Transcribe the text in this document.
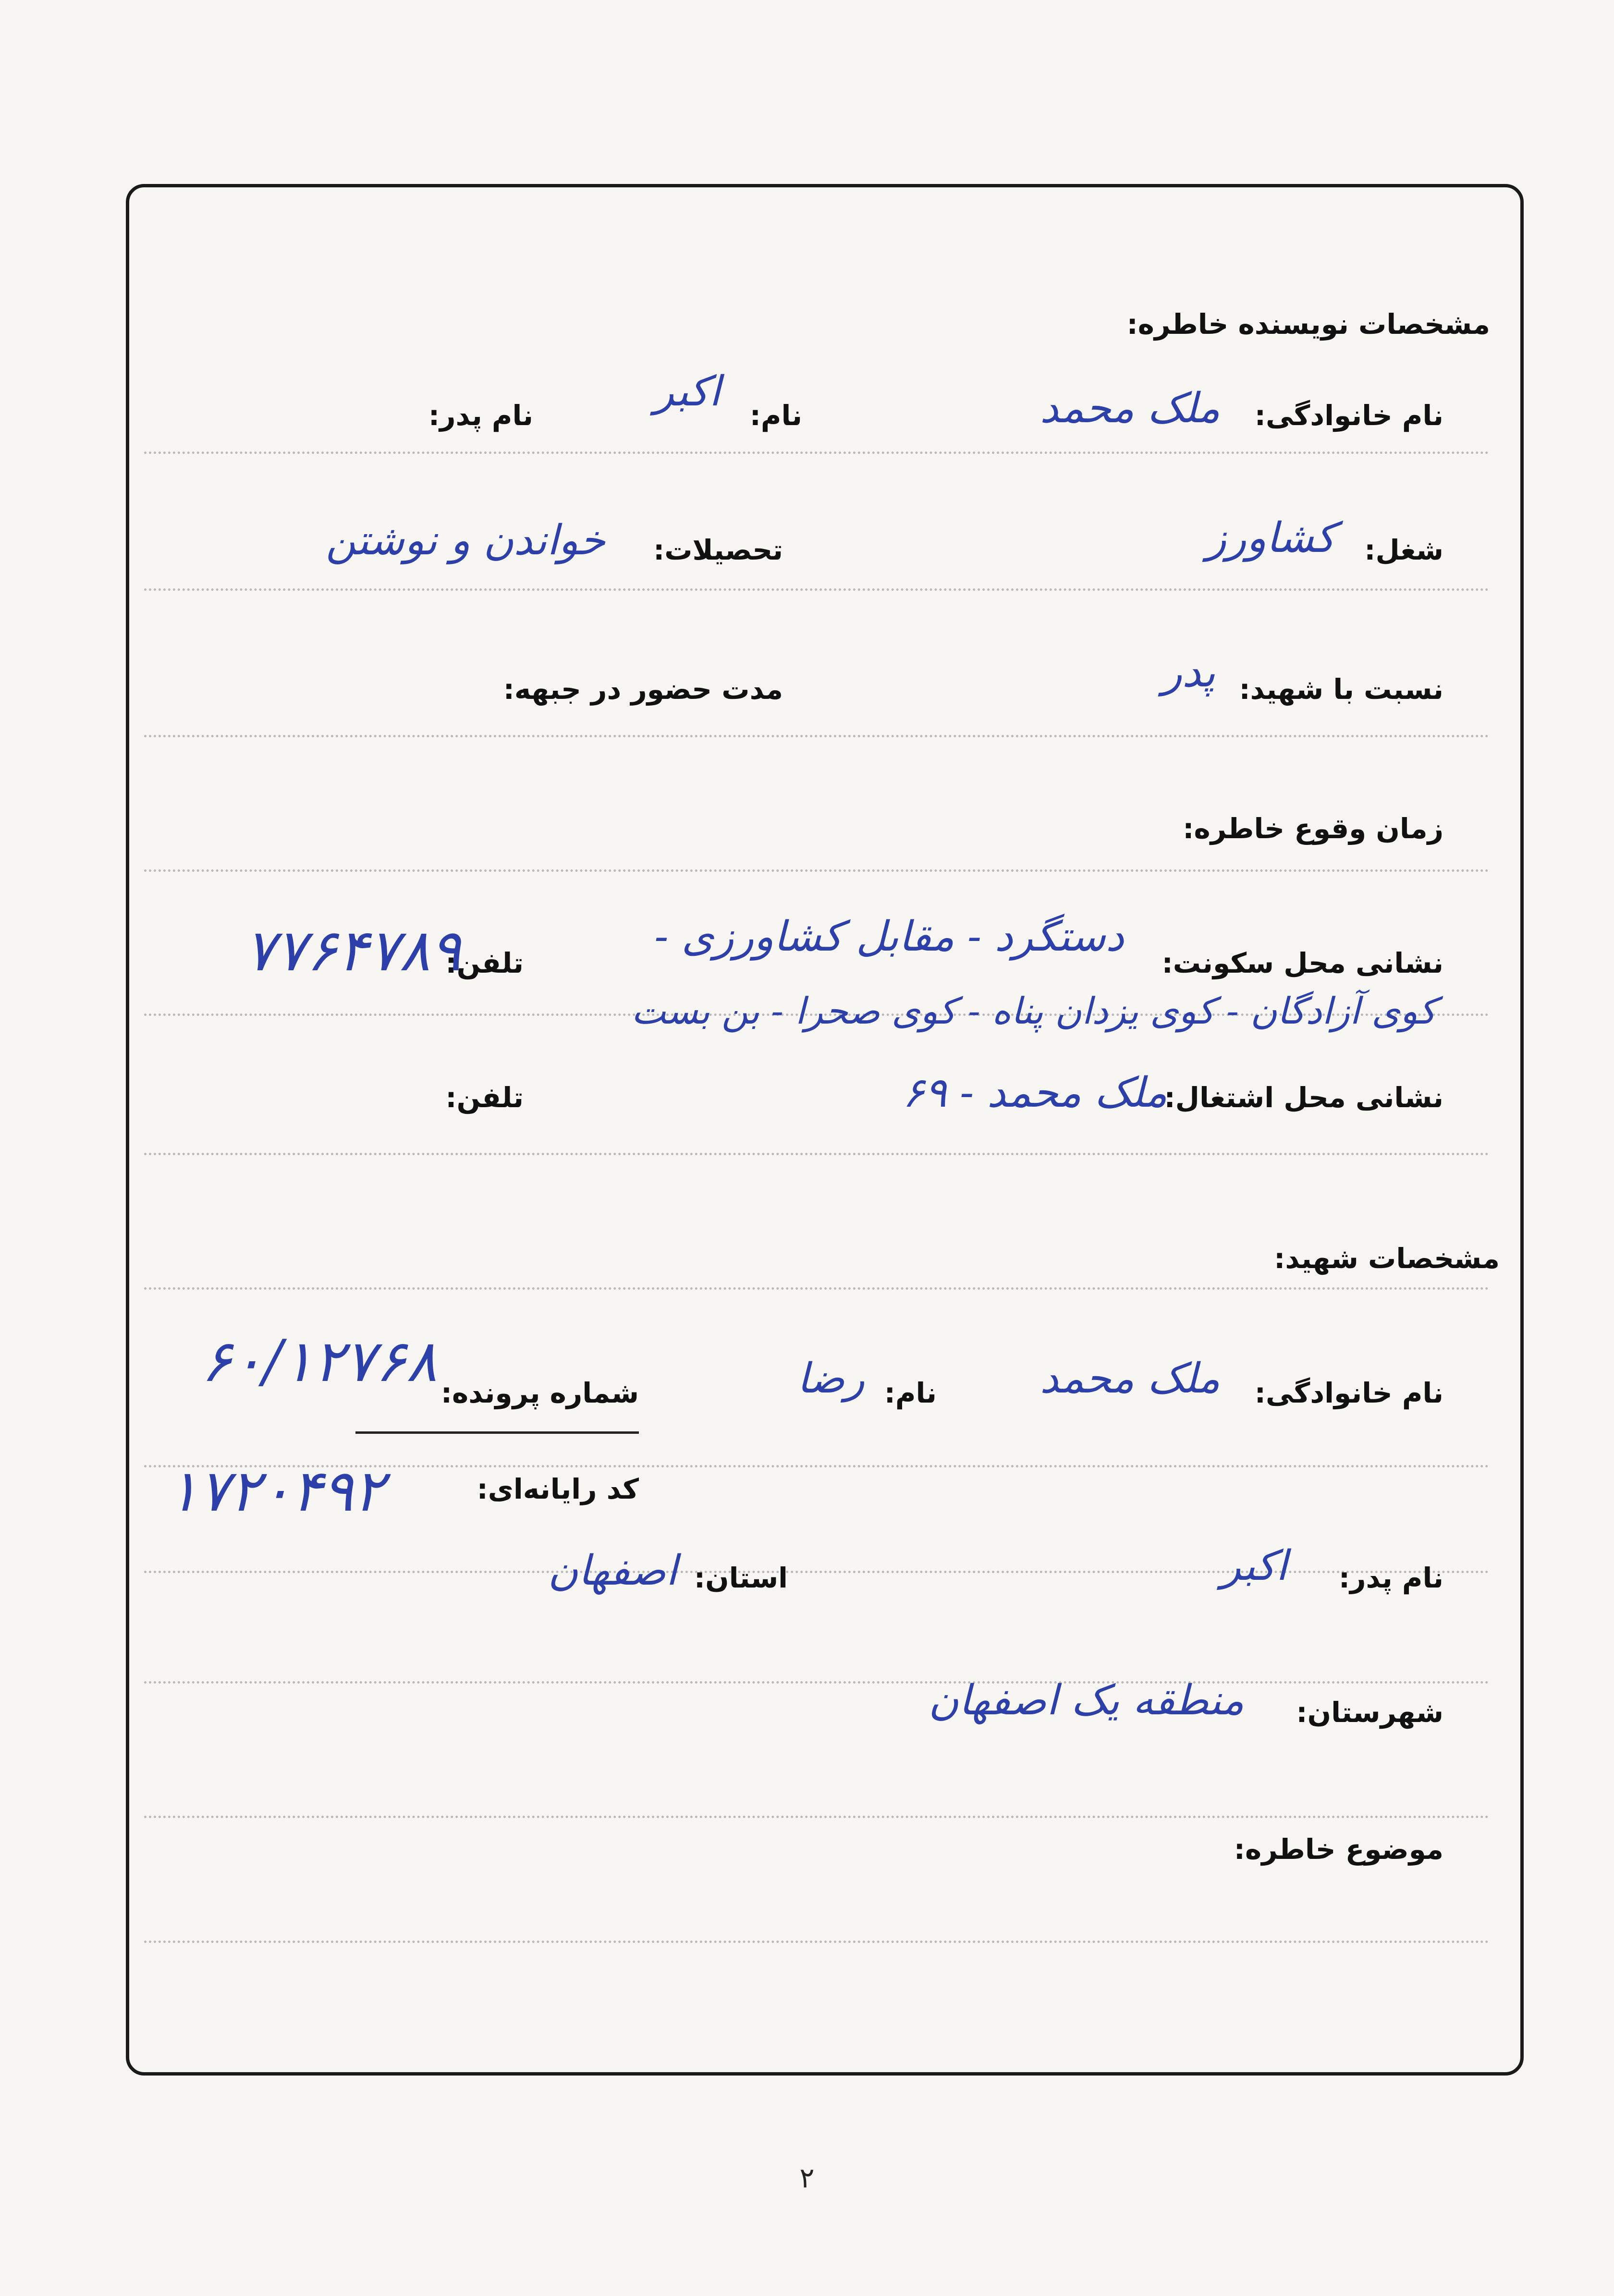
مشخصات نویسنده خاطره:
نام خانوادگی:
ملک محمد
نام:
اکبر
نام پدر:
شغل:
کشاورز
تحصیلات:
خواندن و نوشتن
نسبت با شهید:
پدر
مدت حضور در جبهه:
زمان وقوع خاطره:
نشانی محل سکونت:
دستگرد - مقابل کشاورزی -
کوی آزادگان - کوی یزدان پناه - کوی صحرا - بن بست
تلفن:
۷۷۶۴۷۸۹
نشانی محل اشتغال:
ملک محمد - ۶۹
تلفن:
مشخصات شهید:
نام خانوادگی:
ملک محمد
نام:
رضا
شماره پرونده:
۶۰/۱۲۷۶۸
کد رایانه‌ای:
۱۷۲۰۴۹۲
نام پدر:
اکبر
استان:
اصفهان
شهرستان:
منطقه یک اصفهان
موضوع خاطره:
۲
